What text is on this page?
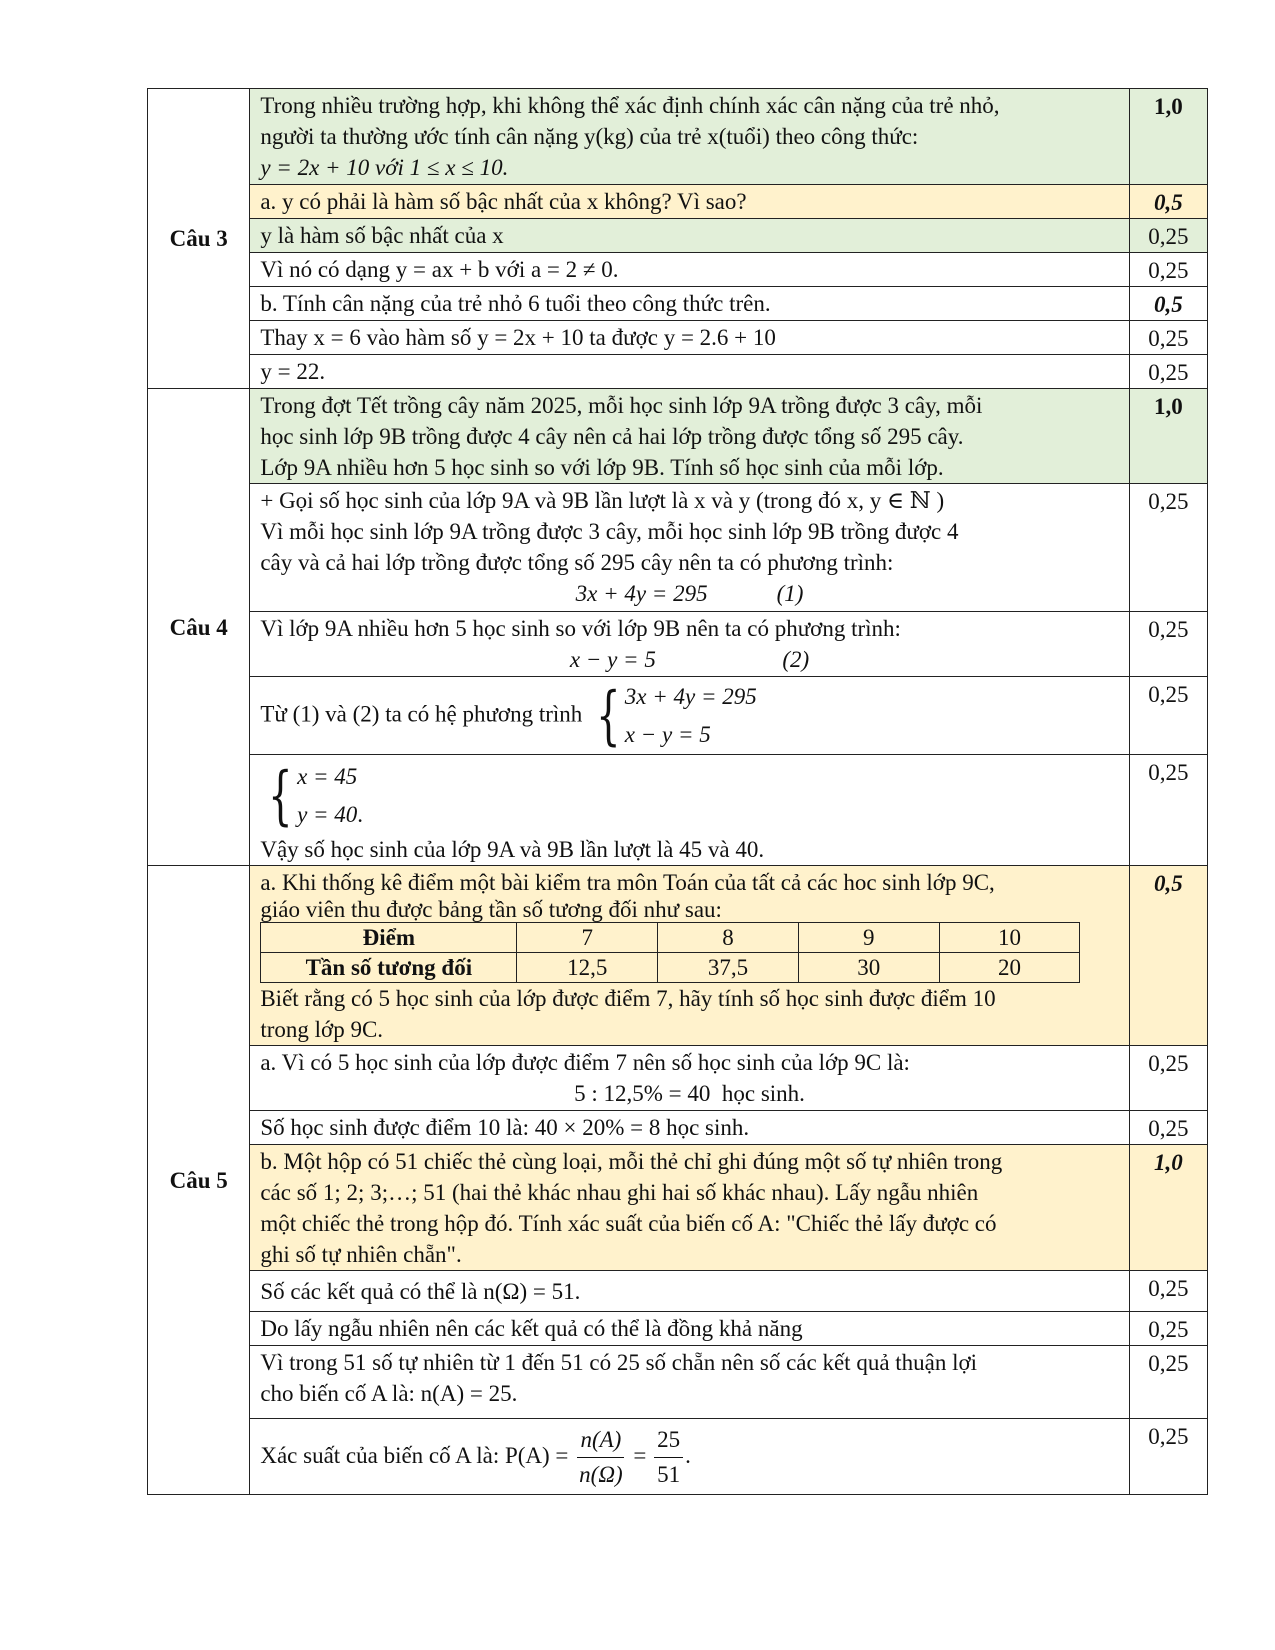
Câu 3	
Trong nhiều trường hợp, khi không thể xác định chính xác cân nặng của trẻ nhỏ,
người ta thường ước tính cân nặng y(kg) của trẻ x(tuổi) theo công thức:
y = 2x + 10 với 1 ≤ x ≤ 10.
	1,0
a. y có phải là hàm số bậc nhất của x không? Vì sao?	0,5
y là hàm số bậc nhất của x	0,25
Vì nó có dạng y = ax + b với a = 2 ≠ 0.	0,25
b. Tính cân nặng của trẻ nhỏ 6 tuổi theo công thức trên.	0,5
Thay x = 6 vào hàm số y = 2x + 10 ta được y = 2.6 + 10	0,25
y = 22.	0,25
Câu 4	
Trong đợt Tết trồng cây năm 2025, mỗi học sinh lớp 9A trồng được 3 cây, mỗi
học sinh lớp 9B trồng được 4 cây nên cả hai lớp trồng được tổng số 295 cây.
Lớp 9A nhiều hơn 5 học sinh so với lớp 9B. Tính số học sinh của mỗi lớp.
	1,0

+ Gọi số học sinh của lớp 9A và 9B lần lượt là x và y (trong đó x, y ∈ ℕ )
Vì mỗi học sinh lớp 9A trồng được 3 cây, mỗi học sinh lớp 9B trồng được 4
cây và cả hai lớp trồng được tổng số 295 cây nên ta có phương trình:
3x + 4y = 295            (1)
	0,25

Vì lớp 9A nhiều hơn 5 học sinh so với lớp 9B nên ta có phương trình:
x − y = 5                      (2)
	0,25
Từ (1) và (2) ta có hệ phương trình { 3x + 4y = 295
x − y = 5
	0,25

{ x = 45
y = 40 .
Vậy số học sinh của lớp 9A và 9B lần lượt là 45 và 40.
	0,25
Câu 5	
a. Khi thống kê điểm một bài kiểm tra môn Toán của tất cả các hoc sinh lớp 9C,
giáo viên thu được bảng tần số tương đối như sau:
Điểm	7	8	9	10
Tần số tương đối	12,5	37,5	30	20
Biết rằng có 5 học sinh của lớp được điểm 7, hãy tính số học sinh được điểm 10
trong lớp 9C.
	0,5

a. Vì có 5 học sinh của lớp được điểm 7 nên số học sinh của lớp 9C là:
5 : 12,5% = 40  học sinh.
	0,25
Số học sinh được điểm 10 là: 40 × 20% = 8 học sinh.	0,25

b. Một hộp có 51 chiếc thẻ cùng loại, mỗi thẻ chỉ ghi đúng một số tự nhiên trong
các số 1; 2; 3;…; 51 (hai thẻ khác nhau ghi hai số khác nhau). Lấy ngẫu nhiên
một chiếc thẻ trong hộp đó. Tính xác suất của biến cố A: "Chiếc thẻ lấy được có
ghi số tự nhiên chẵn".
	1,0
Số các kết quả có thể là n(Ω) = 51.	0,25
Do lấy ngẫu nhiên nên các kết quả có thể là đồng khả năng	0,25

Vì trong 51 số tự nhiên từ 1 đến 51 có 25 số chẵn nên số các kết quả thuận lợi
cho biến cố A là: n(A) = 25.
	0,25
Xác suất của biến cố A là: $P(A) = \frac{n(A)}{n(\Omega)} = \frac{25}{51}$ .	0,25
